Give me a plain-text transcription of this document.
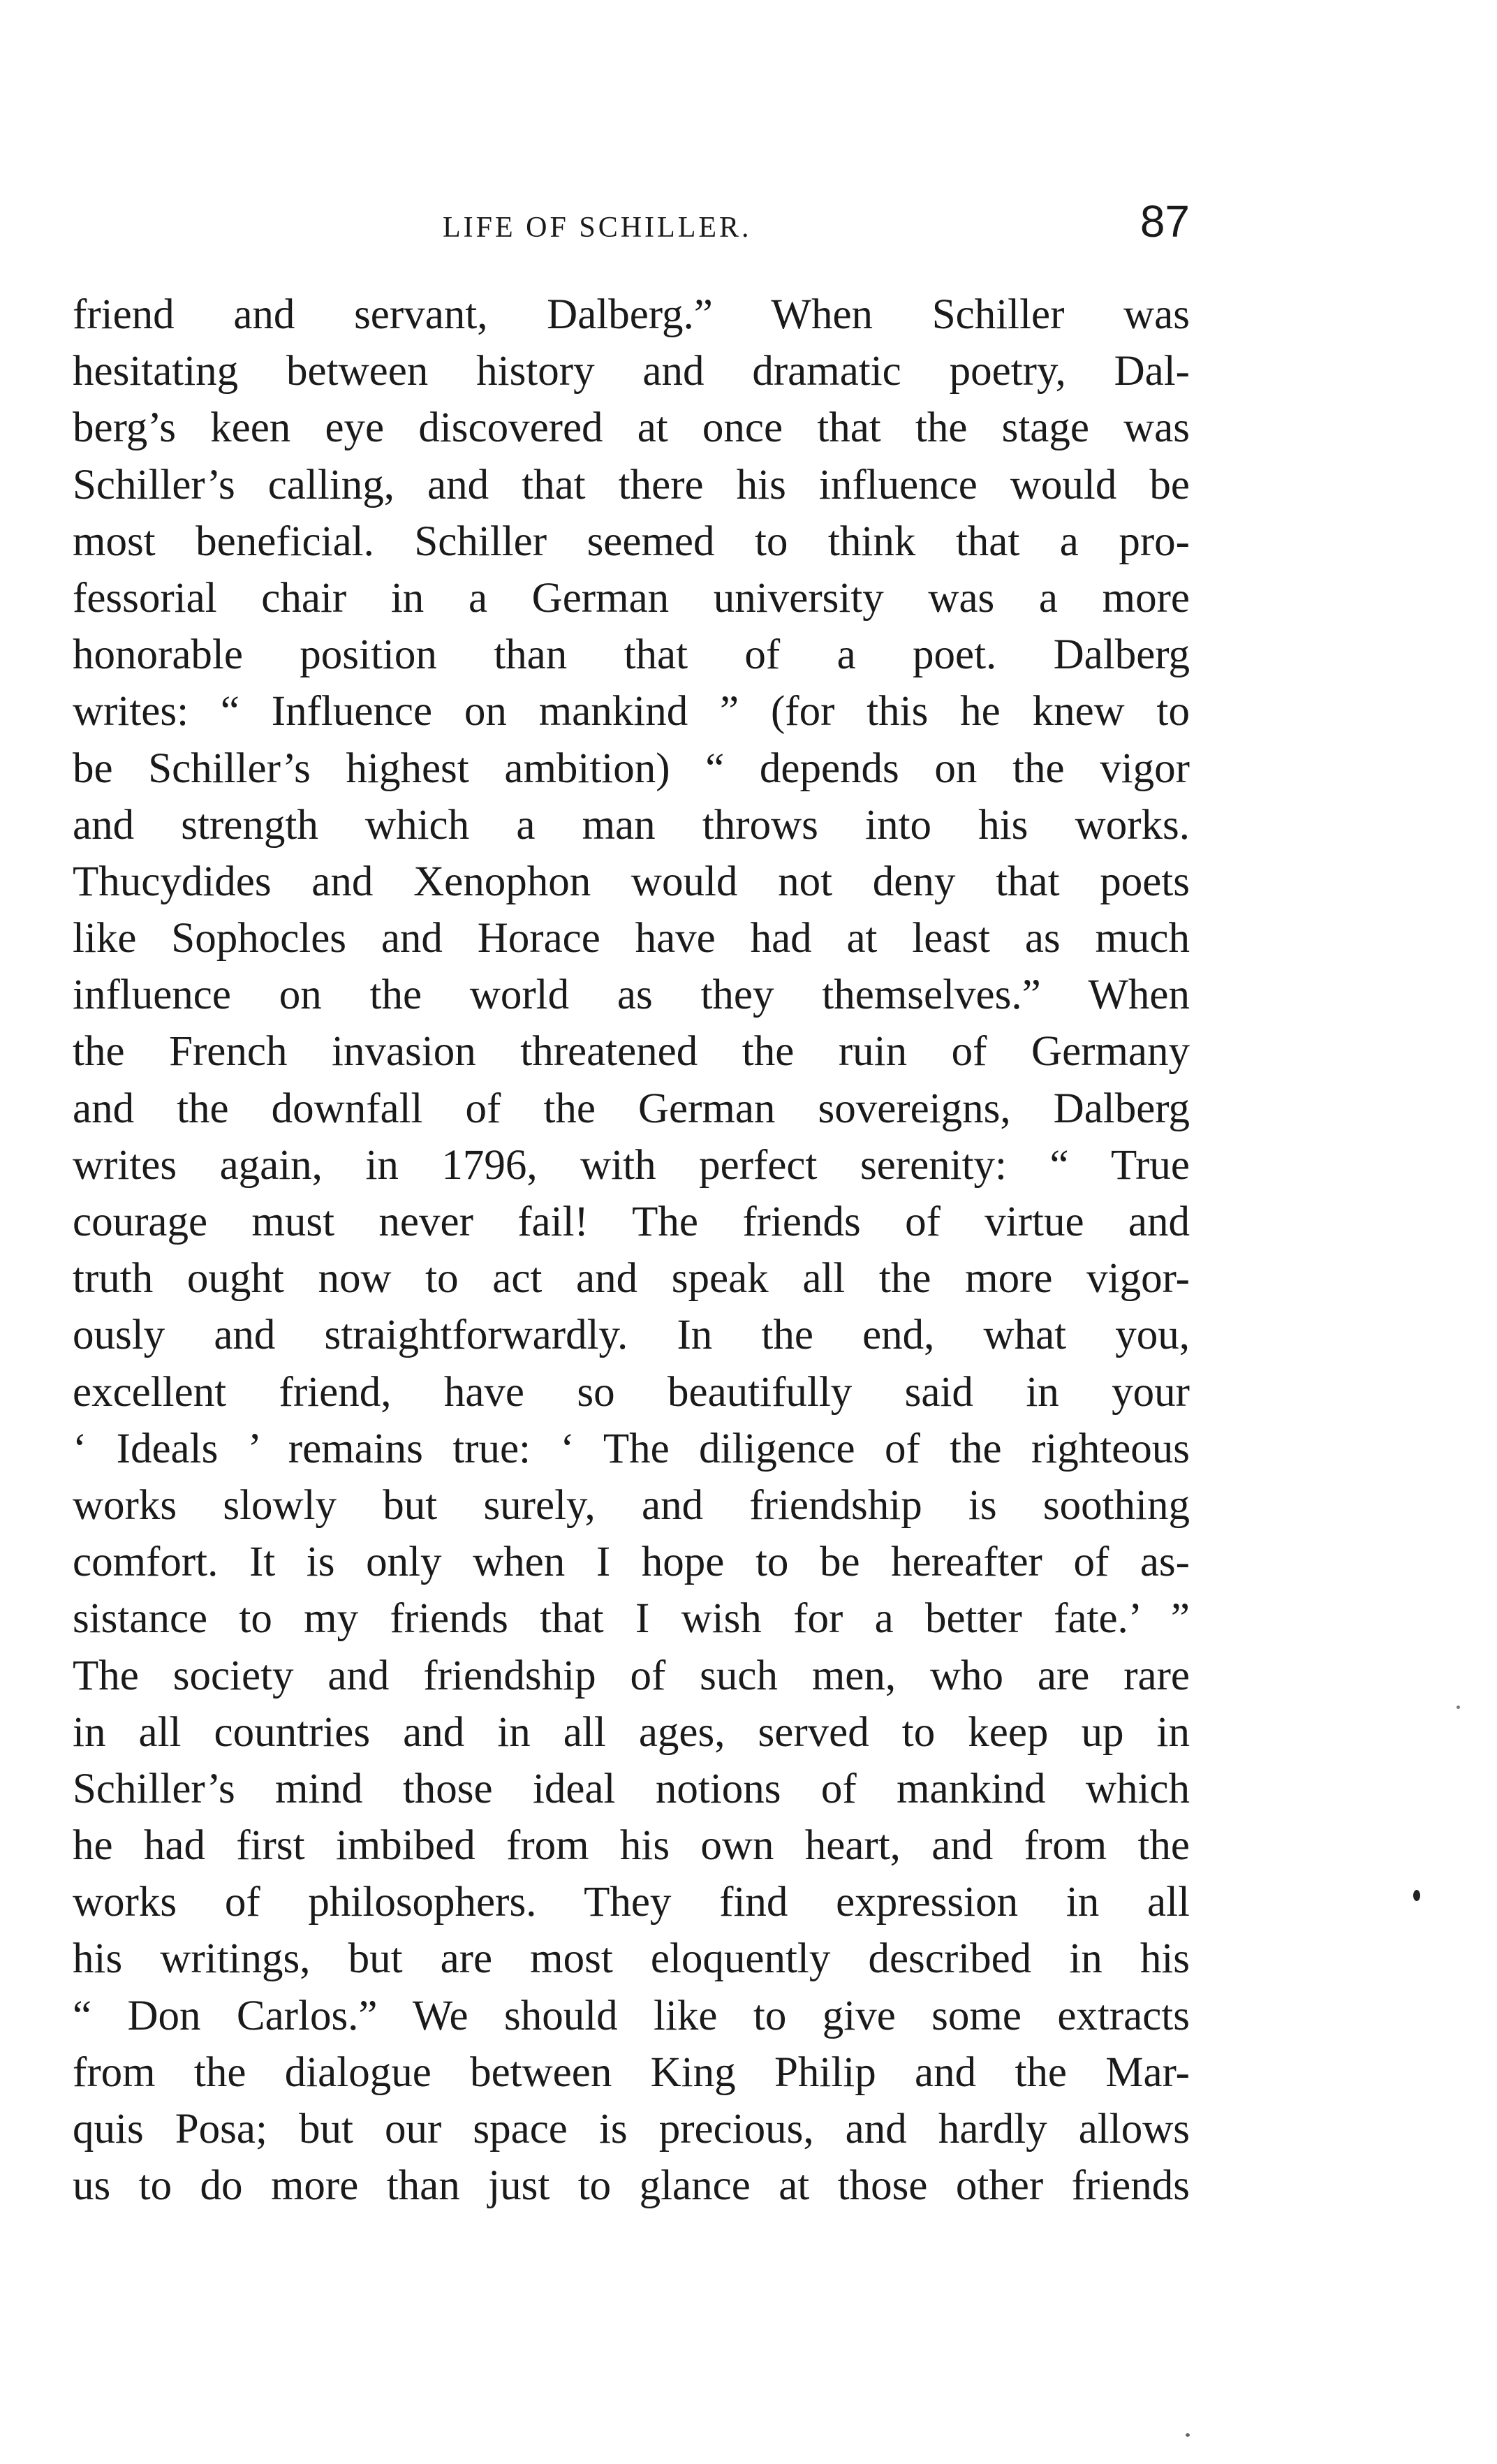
LIFE OF SCHILLER.	87
friend and servant, Dalberg.” When Schiller was
hesitating between history and dramatic poetry, Dal-
berg’s keen eye discovered at once that the stage was
Schiller’s calling, and that there his influence would be
most beneficial. Schiller seemed to think that a pro-
fessorial chair in a German university was a more
honorable position than that of a poet. Dalberg
writes: “ Influence on mankind ” (for this he knew to
be Schiller’s highest ambition) “ depends on the vigor
and strength which a man throws into his works.
Thucydides and Xenophon would not deny that poets
like Sophocles and Horace have had at least as much
influence on the world as they themselves.” When
the French invasion threatened the ruin of Germany
and the downfall of the German sovereigns, Dalberg
writes again, in 1796, with perfect serenity: “ True
courage must never fail! The friends of virtue and
truth ought now to act and speak all the more vigor-
ously and straightforwardly. In the end, what you,
excellent friend, have so beautifully said in your
‘ Ideals ’ remains true: ‘ The diligence of the righteous
works slowly but surely, and friendship is soothing
comfort. It is only when I hope to be hereafter of as-
sistance to my friends that I wish for a better fate.’ ”
The society and friendship of such men, who are rare
in all countries and in all ages, served to keep up in
Schiller’s mind those ideal notions of mankind which
he had first imbibed from his own heart, and from the
works of philosophers. They find expression in all
his writings, but are most eloquently described in his
“ Don Carlos.” We should like to give some extracts
from the dialogue between King Philip and the Mar-
quis Posa; but our space is precious, and hardly allows
us to do more than just to glance at those other friends
